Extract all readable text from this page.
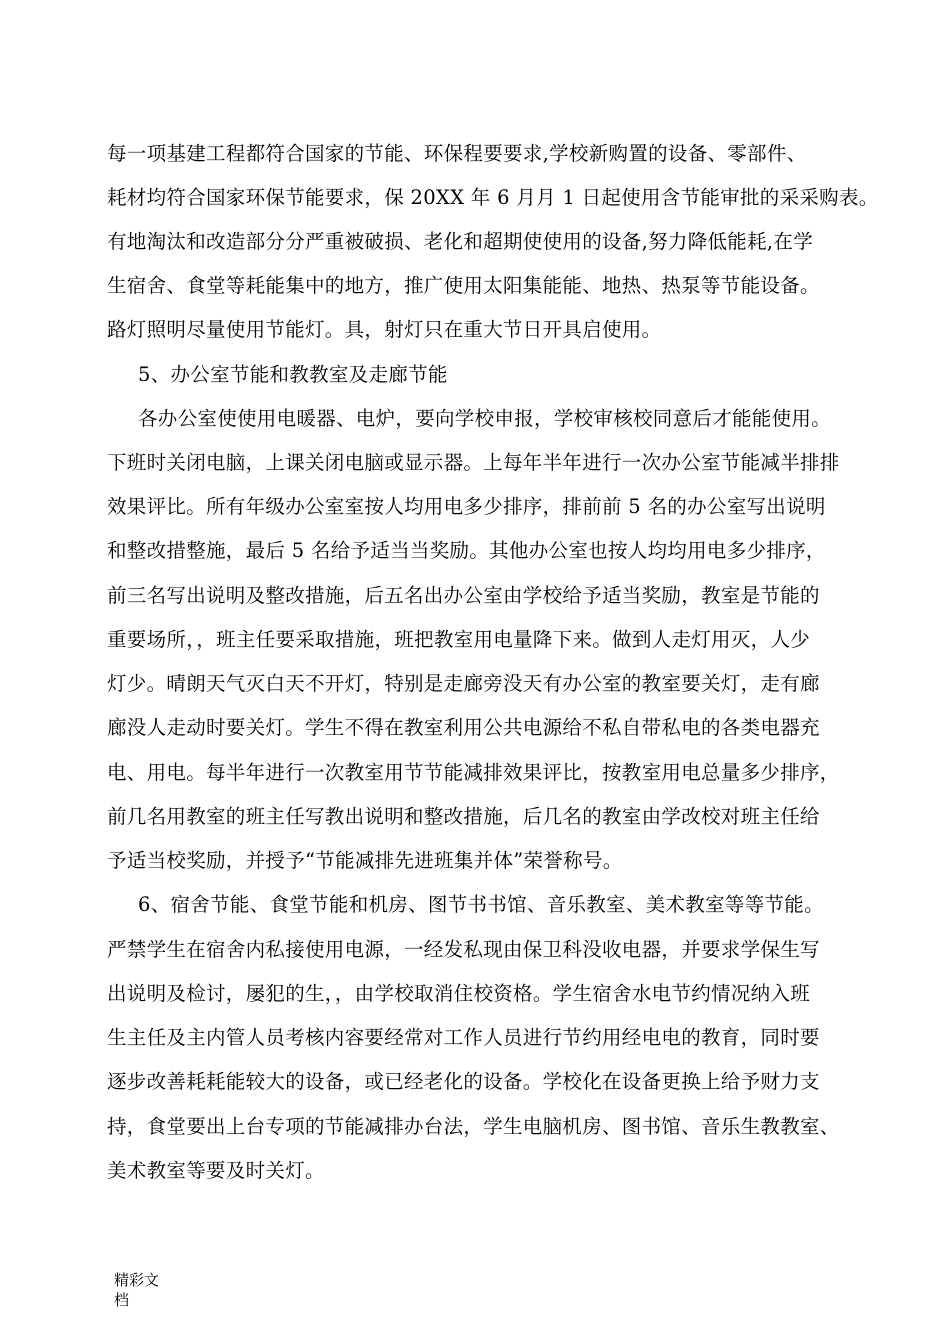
每一项基建工程都符合国家的节能、环保程要要求,学校新购置的设备、零部件、
耗材均符合国家环保节能要求，保 20XX 年 6 月月 1 日起使用含节能审批的采采购表。
有地淘汰和改造部分分严重被破损、老化和超期使使用的设备,努力降低能耗,在学
生宿舍、食堂等耗能集中的地方，推广使用太阳集能能、地热、热泵等节能设备。
路灯照明尽量使用节能灯。具，射灯只在重大节日开具启使用。
5、办公室节能和教教室及走廊节能
各办公室使使用电暖器、电炉，要向学校申报，学校审核校同意后才能能使用。
下班时关闭电脑，上课关闭电脑或显示器。上每年半年进行一次办公室节能减半排排
效果评比。所有年级办公室室按人均用电多少排序，排前前 5 名的办公室写出说明
和整改措整施，最后 5 名给予适当当奖励。其他办公室也按人均均用电多少排序，
前三名写出说明及整改措施，后五名出办公室由学校给予适当奖励，教室是节能的
重要场所，，班主任要采取措施，班把教室用电量降下来。做到人走灯用灭，人少
灯少。晴朗天气灭白天不开灯，特别是走廊旁没天有办公室的教室要关灯，走有廊
廊没人走动时要关灯。学生不得在教室利用公共电源给不私自带私电的各类电器充
电、用电。每半年进行一次教室用节节能减排效果评比，按教室用电总量多少排序，
前几名用教室的班主任写教出说明和整改措施，后几名的教室由学改校对班主任给
予适当校奖励，并授予“节能减排先进班集并体”荣誉称号。
6、宿舍节能、食堂节能和机房、图节书书馆、音乐教室、美术教室等等节能。
严禁学生在宿舍内私接使用电源，一经发私现由保卫科没收电器，并要求学保生写
出说明及检讨，屡犯的生，，由学校取消住校资格。学生宿舍水电节约情况纳入班
生主任及主内管人员考核内容要经常对工作人员进行节约用经电电的教育，同时要
逐步改善耗耗能较大的设备，或已经老化的设备。学校化在设备更换上给予财力支
持，食堂要出上台专项的节能减排办台法，学生电脑机房、图书馆、音乐生教教室、
美术教室等要及时关灯。
精彩文
档
